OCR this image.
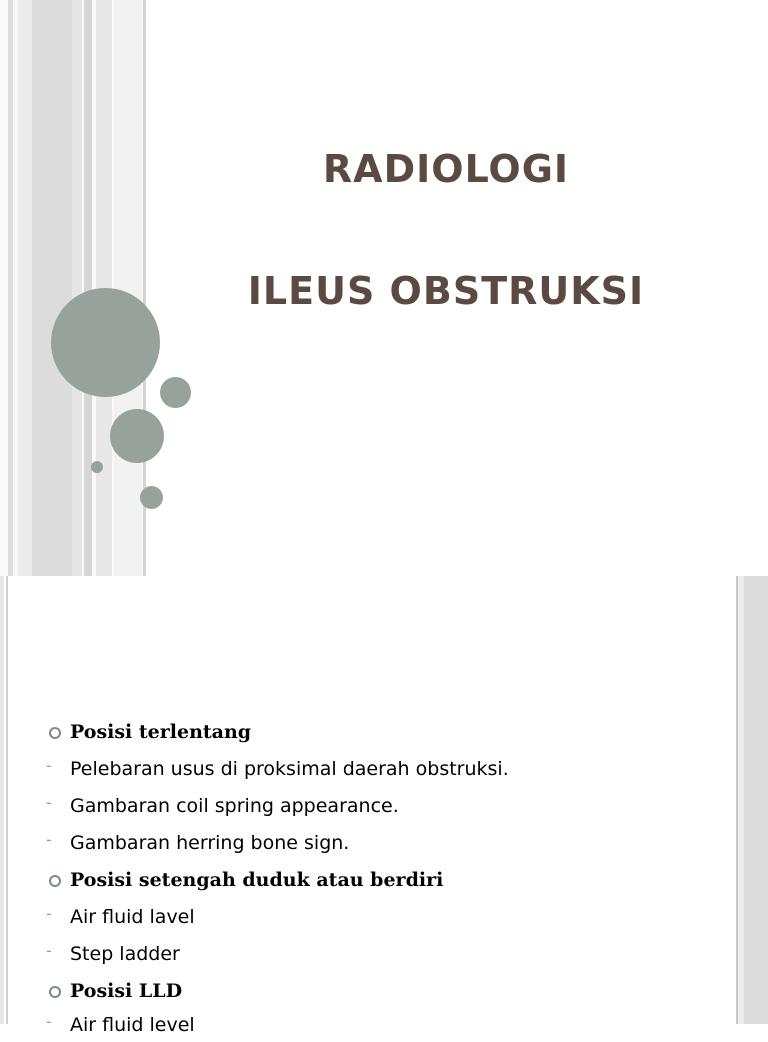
RADIOLOGI
ILEUS OBSTRUKSI
Posisi terlentang
- Pelebaran usus di proksimal daerah obstruksi.
- Gambaran coil spring appearance.
- Gambaran herring bone sign.
Posisi setengah duduk atau berdiri
- Air fluid lavel
- Step ladder
Posisi LLD
- Air fluid level
